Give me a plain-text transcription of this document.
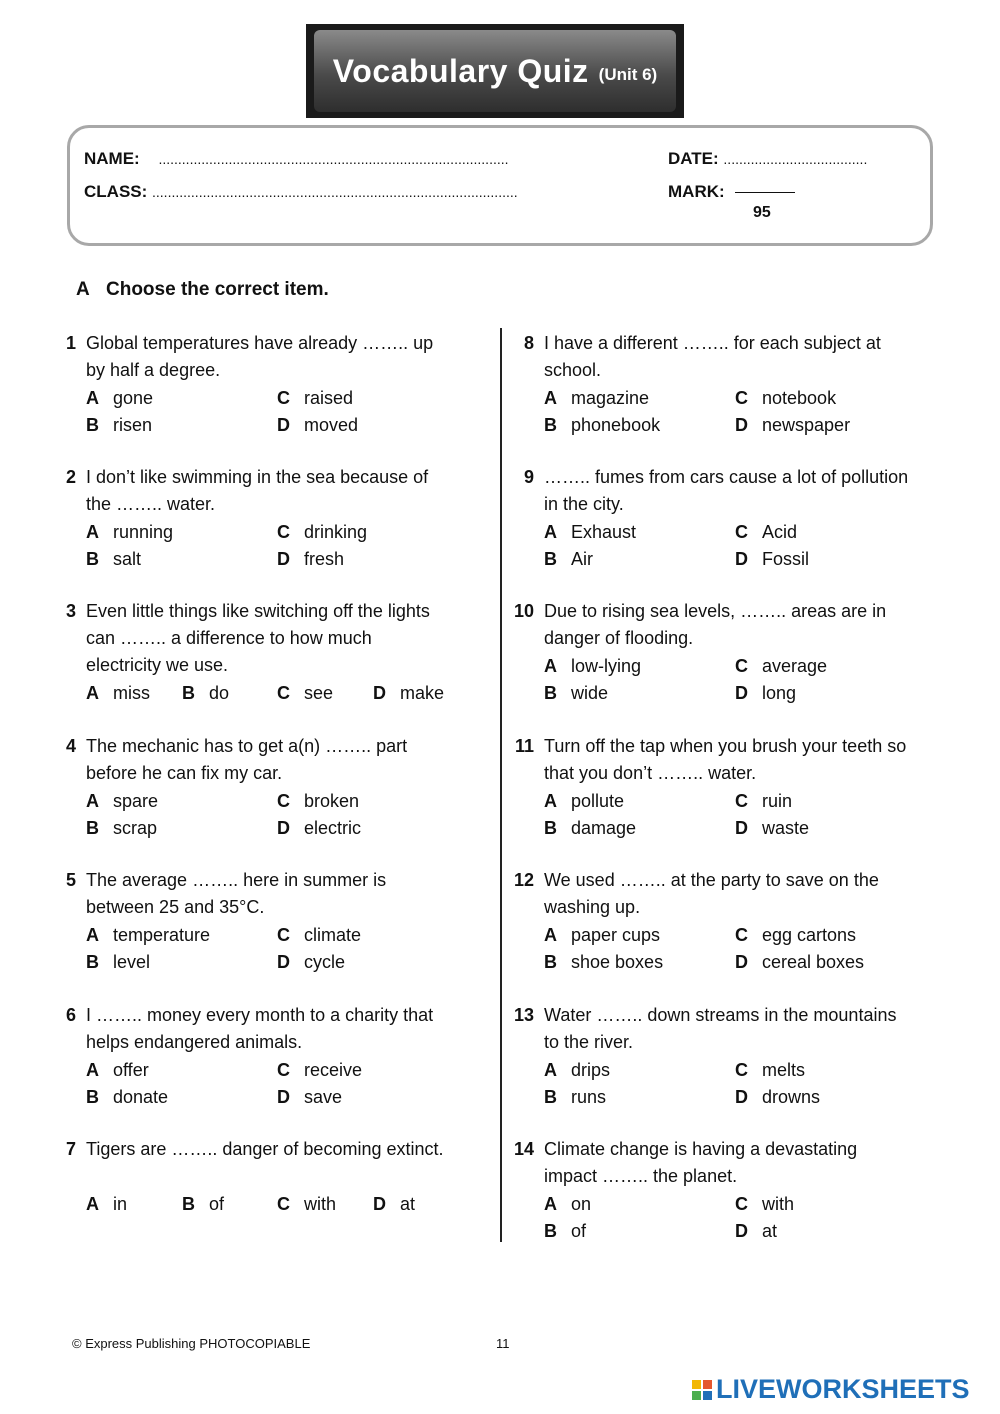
Vocabulary Quiz (Unit 6)
NAME: ..........................................................................................	DATE: .....................................
CLASS: ..............................................................................................	MARK:
95
A Choose the correct item.
1 Global temperatures have already …….. up by half a degree.
A gone	C raised
B risen	D moved
2 I don’t like swimming in the sea because of the …….. water.
A running	C drinking
B salt	D fresh
3 Even little things like switching off the lights can …….. a difference to how much electricity we use.
A miss B do	C see D make
4 The mechanic has to get a(n) …….. part before he can fix my car.
A spare	C broken
B scrap	D electric
5 The average …….. here in summer is between 25 and 35°C.
A temperature	C climate
B level	D cycle
6 I …….. money every month to a charity that helps endangered animals.
A offer	C receive
B donate	D save
7 Tigers are …….. danger of becoming extinct.
A in	B of	C with D at
8 I have a different …….. for each subject at school.
A magazine	C notebook
B phonebook	D newspaper
9 …….. fumes from cars cause a lot of pollution in the city.
A Exhaust	C Acid
B Air	D Fossil
10 Due to rising sea levels, …….. areas are in danger of flooding.
A low-lying	C average
B wide	D long
11 Turn off the tap when you brush your teeth so that you don’t …….. water.
A pollute	C ruin
B damage	D waste
12 We used …….. at the party to save on the washing up.
A paper cups	C egg cartons
B shoe boxes	D cereal boxes
13 Water …….. down streams in the mountains to the river.
A drips	C melts
B runs	D drowns
14 Climate change is having a devastating impact …….. the planet.
A on	C with
B of	D at
© Express Publishing PHOTOCOPIABLE	11
LIVEWORKSHEETS
